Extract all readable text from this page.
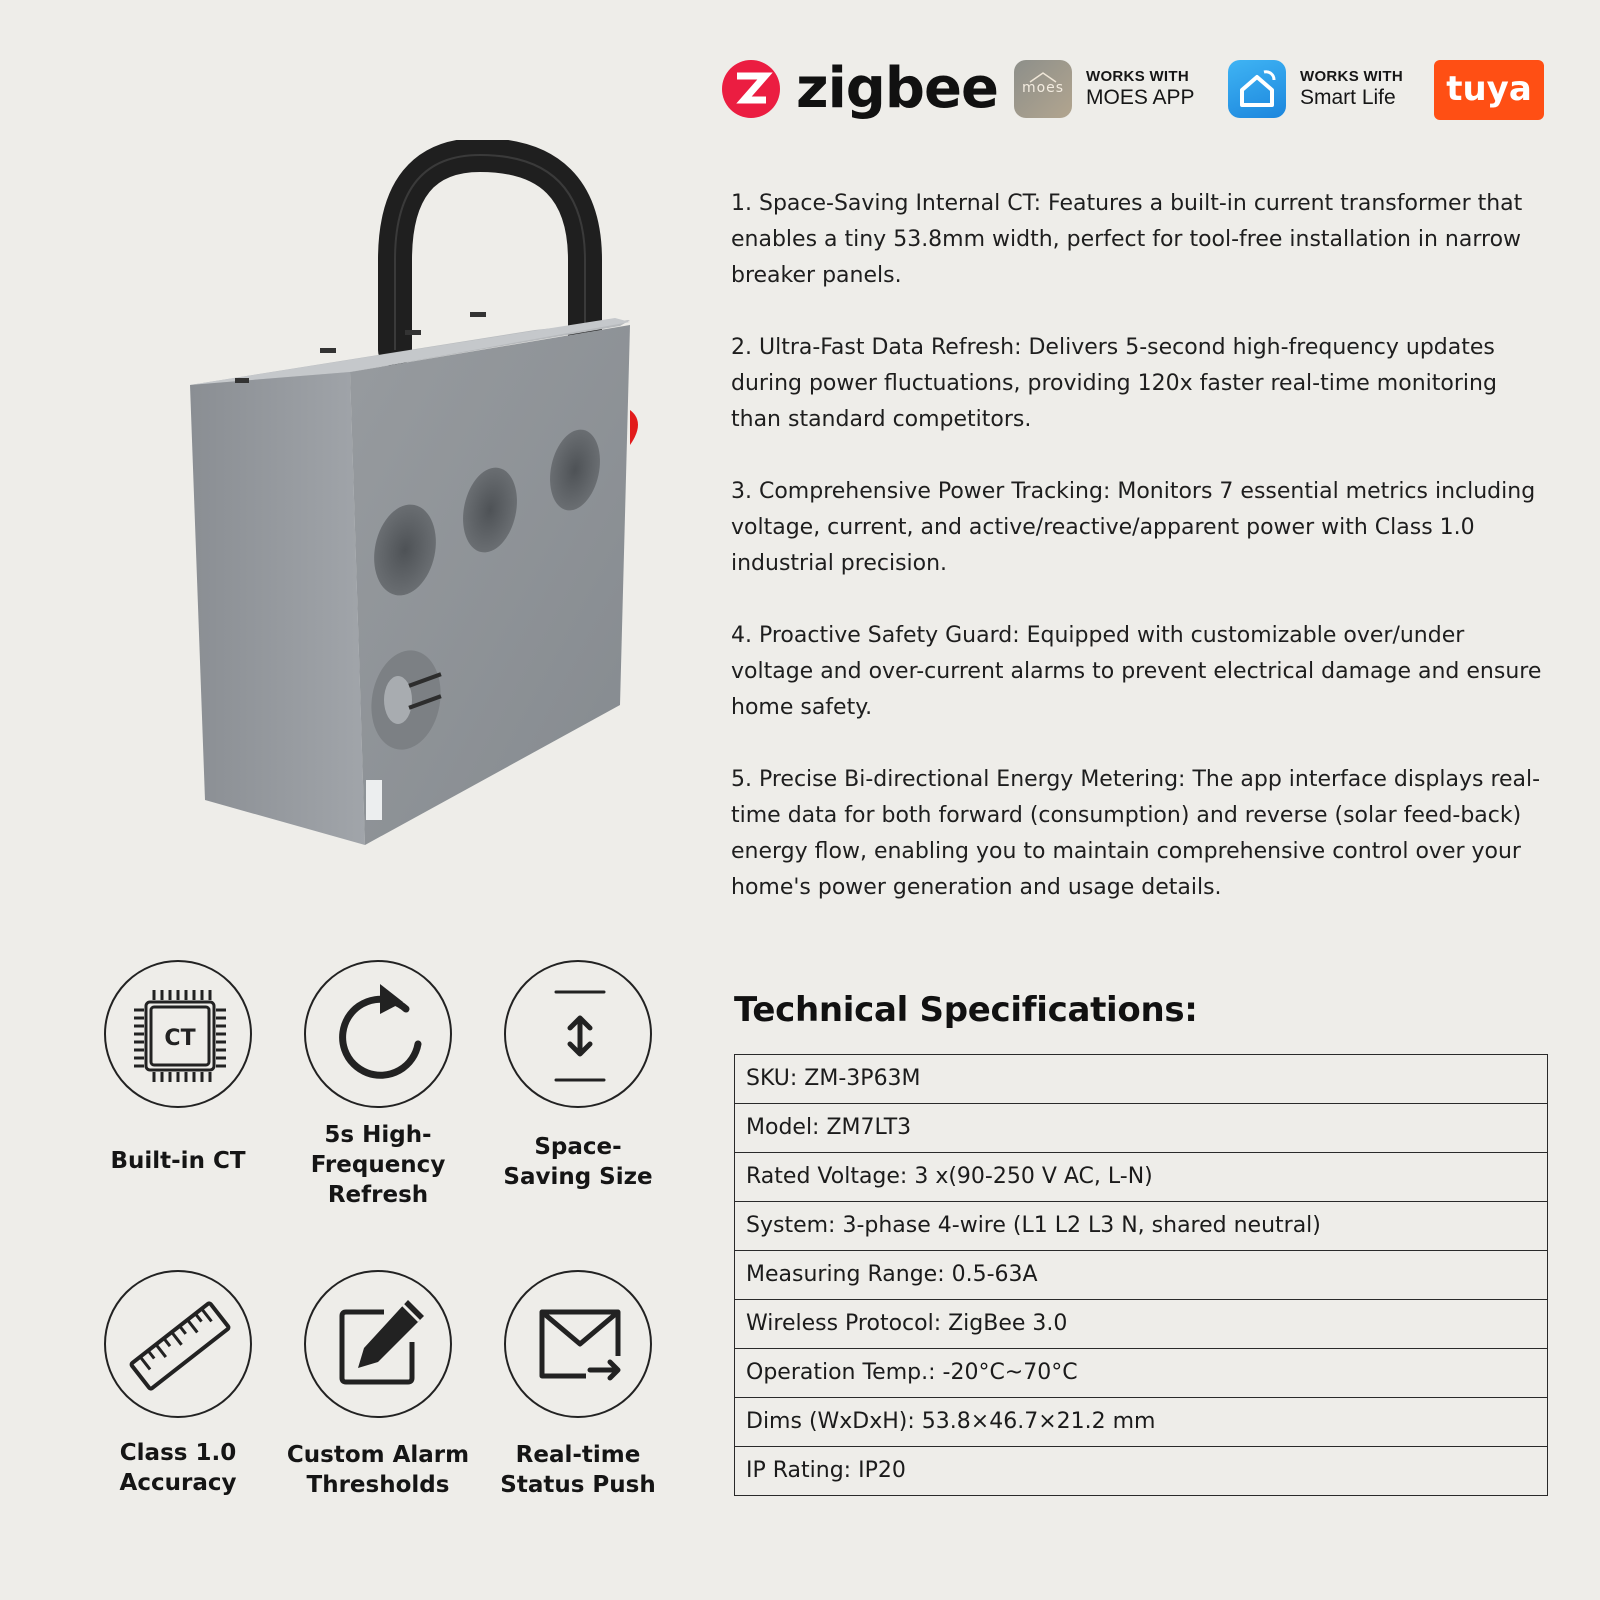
zigbee	moes
WORKS WITH
MOES APP
WORKS WITH
Smart Life	tuya

1. Space-Saving Internal CT: Features a built-in current transformer that enables a tiny 53.8mm width, perfect for tool-free installation in narrow breaker panels.

2. Ultra-Fast Data Refresh: Delivers 5-second high-frequency updates during power fluctuations, providing 120x faster real-time monitoring than standard competitors.

3. Comprehensive Power Tracking: Monitors 7 essential metrics including voltage, current, and active/reactive/apparent power with Class 1.0 industrial precision.

4. Proactive Safety Guard: Equipped with customizable over/under voltage and over-current alarms to prevent electrical damage and ensure home safety.

5. Precise Bi-directional Energy Metering: The app interface displays real-time data for both forward (consumption) and reverse (solar feed-back) energy flow, enabling you to maintain comprehensive control over your home's power generation and usage details.

CT
Built-in CT
5s High-
Frequency
Refresh
Space-
Saving Size
Class 1.0
Accuracy
Custom Alarm
Thresholds
Real-time
Status Push
Technical Specifications:
SKU: ZM-3P63M
Model: ZM7LT3
Rated Voltage: 3 x(90-250 V AC, L-N)
System: 3-phase 4-wire (L1 L2 L3 N, shared neutral)
Measuring Range: 0.5-63A
Wireless Protocol: ZigBee 3.0
Operation Temp.: -20°C~70°C
Dims (WxDxH): 53.8×46.7×21.2 mm
IP Rating: IP20
